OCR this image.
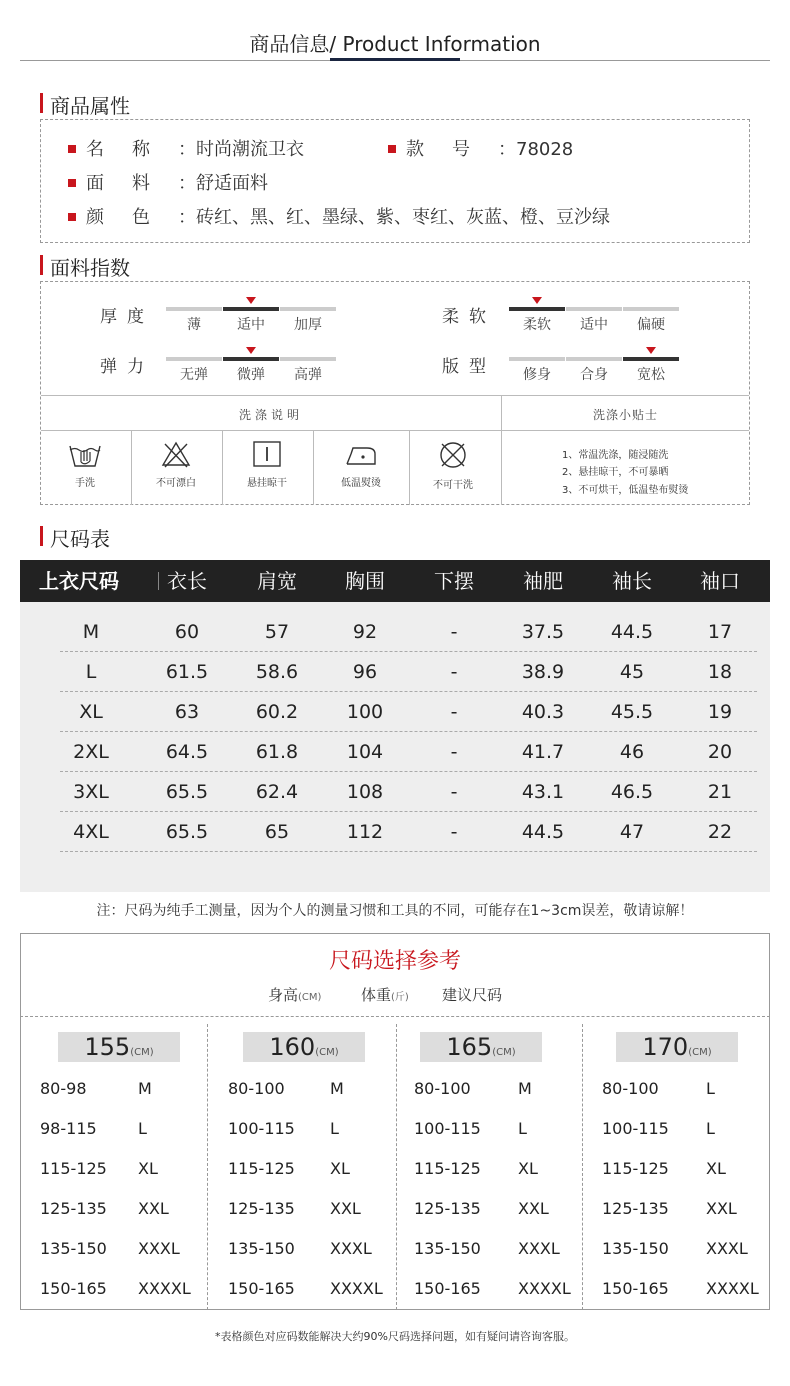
商品信息/ Product Information
商品属性
名称：时尚潮流卫衣	款号：78028
面料：舒适面料
颜色：砖红、黑、红、墨绿、紫、枣红、灰蓝、橙、豆沙绿
面料指数
厚度	柔软
弹力	版型
薄	适中	加厚	柔软	适中	偏硬
无弹	微弹	高弹	修身	合身	宽松
洗涤说明	洗涤小贴士
手洗	不可漂白	悬挂晾干	低温熨烫	不可干洗
1、常温洗涤，随浸随洗
2、悬挂晾干，不可暴晒
3、不可烘干，低温垫布熨烫
尺码表
上衣尺码	衣长	肩宽	胸围	下摆	袖肥	袖长	袖口
M	60	57	92	-	37.5	44.5	17
L	61.5	58.6	96	-	38.9	45	18
XL	63	60.2	100	-	40.3	45.5	19
2XL	64.5	61.8	104	-	41.7	46	20
3XL	65.5	62.4	108	-	43.1	46.5	21
4XL	65.5	65	112	-	44.5	47	22
注：尺码为纯手工测量，因为个人的测量习惯和工具的不同，可能存在1~3cm误差，敬请谅解！
尺码选择参考
身高(CM)	体重(斤) 建议尺码
155(CM)
80-98	M
98-115	L
115-125 XL
125-135 XXL
135-150 XXXL
150-165 XXXXL
160(CM)
80-100	M
100-115 L
115-125 XL
125-135 XXL
135-150 XXXL
150-165 XXXXL
165(CM)
80-100	M
100-115 L
115-125 XL
125-135 XXL
135-150 XXXL
150-165 XXXXL
170(CM)
80-100	L
100-115 L
115-125 XL
125-135 XXL
135-150 XXXL
150-165 XXXXL
*表格颜色对应码数能解决大约90%尺码选择问题，如有疑问请咨询客服。
